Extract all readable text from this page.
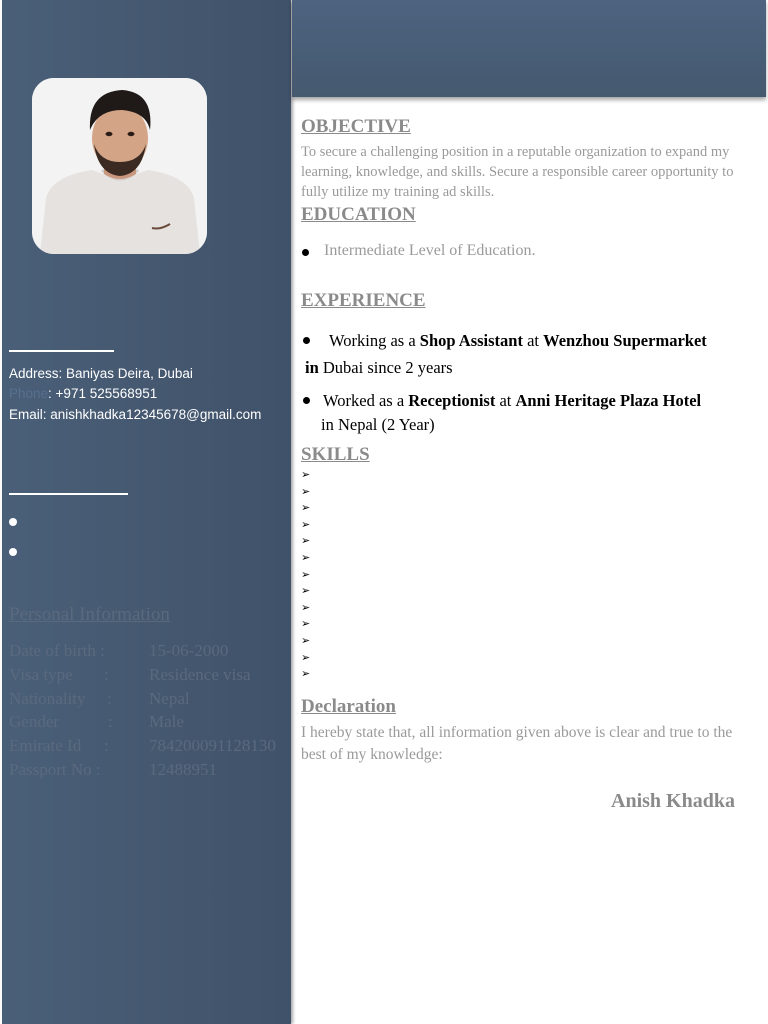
Address: Baniyas Deira, Dubai
Phone: +971 525568951
Email: anishkhadka12345678@gmail.com
Personal Information
Date of birth :	15-06-2000
Visa type : Residence visa
Nationality : Nepal
Gender	: Male
Emirate Id : 784200091128130
Passport No :	12488951
OBJECTIVE
To secure a challenging position in a reputable organization to expand my learning, knowledge, and skills. Secure a responsible career opportunity to fully utilize my training ad skills.
EDUCATION
Intermediate Level of Education.
EXPERIENCE
Working as a Shop Assistant at Wenzhou Supermarket
in Dubai since 2 years
Worked as a Receptionist at Anni Heritage Plaza Hotel
in Nepal (2 Year)
SKILLS
➢
➢
➢
➢
➢
➢
➢
➢
➢
➢
➢
➢
➢
Declaration
I hereby state that, all information given above is clear and true to the best of my knowledge:
Anish Khadka
